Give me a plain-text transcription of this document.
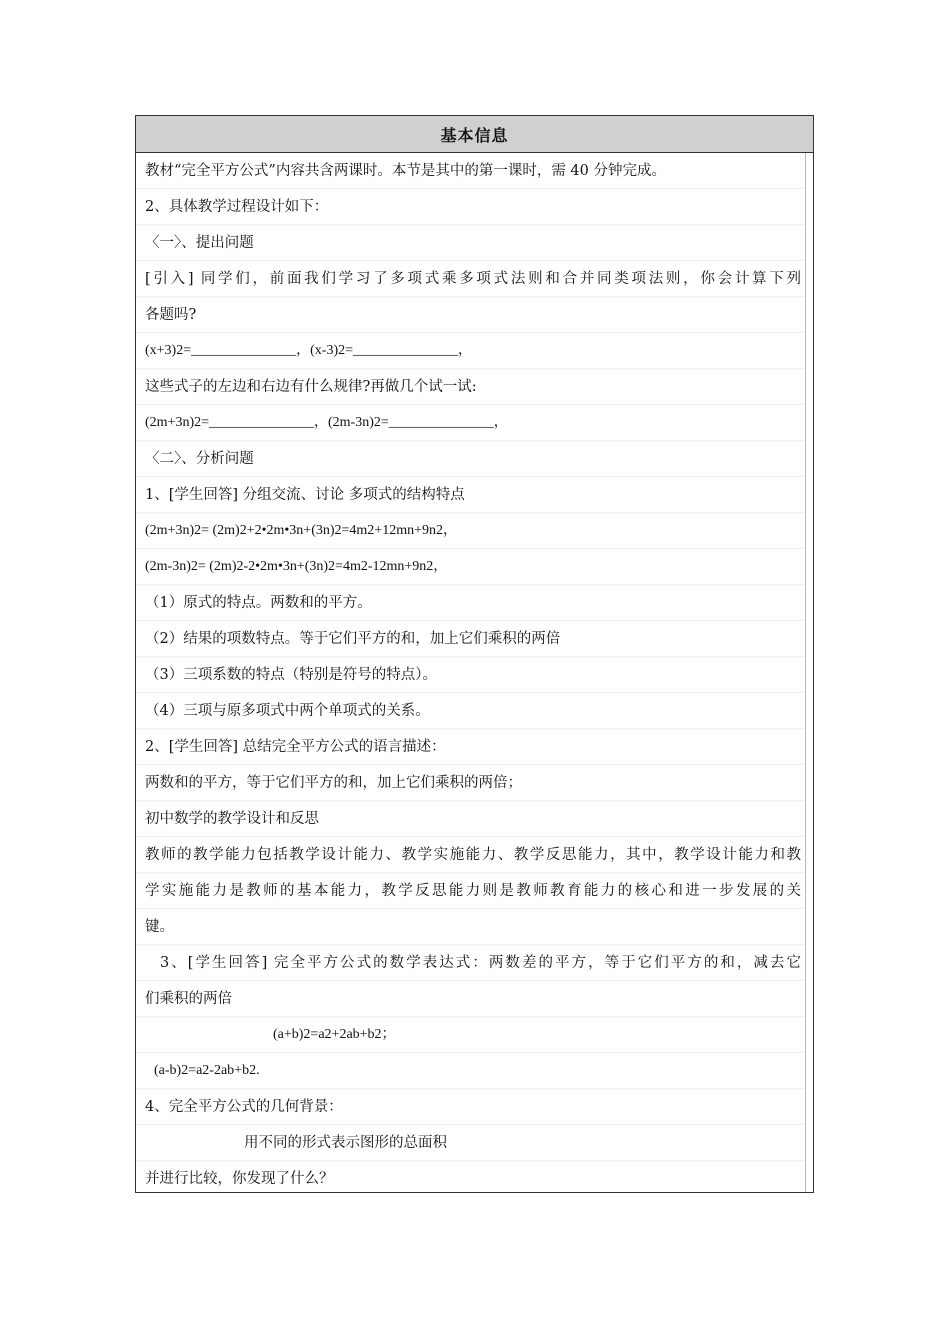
基本信息
教材“完全平方公式”内容共含两课时。本节是其中的第一课时，需 40 分钟完成。
2、具体教学过程设计如下：
〈一〉、提出问题
[引入] 同学们，前面我们学习了多项式乘多项式法则和合并同类项法则，你会计算下列
各题吗?
(x+3)2=_______________，(x-3)2=_______________，
这些式子的左边和右边有什么规律?再做几个试一试:
(2m+3n)2=_______________，(2m-3n)2=_______________，
〈二〉、分析问题
1、[学生回答] 分组交流、讨论 多项式的结构特点
(2m+3n)2= (2m)2+2•2m•3n+(3n)2=4m2+12mn+9n2，
(2m-3n)2= (2m)2-2•2m•3n+(3n)2=4m2-12mn+9n2，
（1）原式的特点。两数和的平方。
（2）结果的项数特点。等于它们平方的和，加上它们乘积的两倍
（3）三项系数的特点（特别是符号的特点）。
（4）三项与原多项式中两个单项式的关系。
2、[学生回答] 总结完全平方公式的语言描述：
两数和的平方，等于它们平方的和，加上它们乘积的两倍；
初中数学的教学设计和反思
教师的教学能力包括教学设计能力、教学实施能力、教学反思能力，其中，教学设计能力和教
学实施能力是教师的基本能力，教学反思能力则是教师教育能力的核心和进一步发展的关
键。
3、[学生回答] 完全平方公式的数学表达式：两数差的平方，等于它们平方的和，减去它
们乘积的两倍
(a+b)2=a2+2ab+b2；
(a-b)2=a2-2ab+b2.
4、完全平方公式的几何背景：
用不同的形式表示图形的总面积
并进行比较，你发现了什么？
